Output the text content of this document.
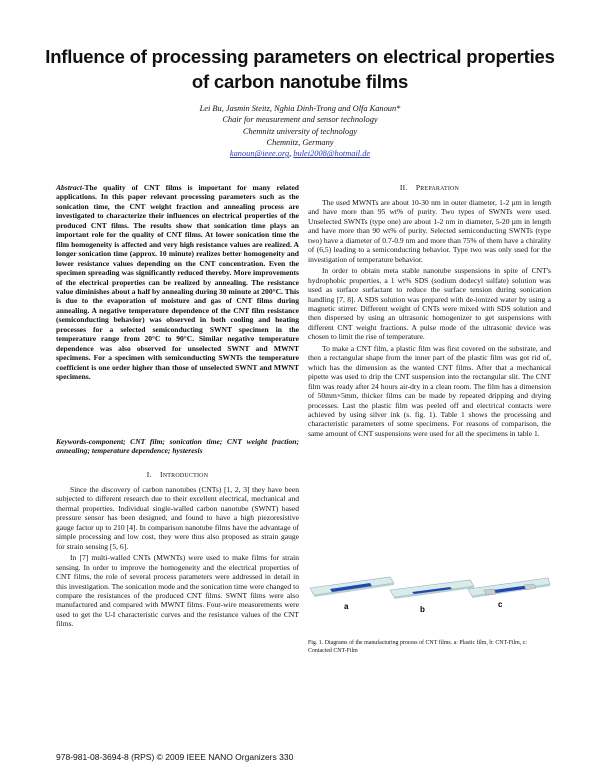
Influence of processing parameters on electrical properties of carbon nanotube films
Lei Bu, Jasmin Steitz, Nghia Dinh-Trong and Olfa Kanoun*
Chair for measurement and sensor technology
Chemnitz university of technology
Chemnitz, Germany
kanoun@ieee.org, bulei2008@hotmail.de
Abstract-The quality of CNT films is important for many related applications. In this paper relevant processing parameters such as the sonication time, the CNT weight fraction and annealing process are investigated to characterize their influences on electrical properties of the produced CNT films. The results show that sonication time plays an important role for the quality of CNT films. At lower sonication time the film homogeneity is affected and very high resistance values are realized. A longer sonication time (approx. 10 minute) realizes better homogeneity and lower resistance values depending on the CNT concentration. Even the specimen spreading was significantly reduced thereby. More improvements of the electrical properties can be realized by annealing. The resistance value diminishes about a half by annealing during 30 minute at 200°C. This is due to the evaporation of moisture and gas of CNT films during annealing. A negative temperature dependence of the CNT film resistance (semiconducting behavior) was observed in both cooling and heating processes for a selected semiconducting SWNT specimen in the temperature range from 20°C to 90°C. Similar negative temperature dependence was also observed for unselected SWNT and MWNT specimens. For a specimen with semiconducting SWNTs the temperature coefficient is one order higher than those of unselected SWNT and MWNT specimens.
Keywords-component; CNT film; sonication time; CNT weight fraction; annealing; temperature dependence; hysteresis
I. INTRODUCTION

Since the discovery of carbon nanotubes (CNTs) [1, 2, 3] they have been subjected to different research due to their excellent electrical, mechanical and thermal properties. Individual single-walled carbon nanotube (SWNT) based pressure sensor has been designed, and found to have a high piezoresistive gauge factor up to 210 [4]. In comparison nanotube films have the advantage of simple processing and low cost, they were thus also proposed as strain gauge for strain sensing [5, 6].

In [7] multi-walled CNTs (MWNTs) were used to make films for strain sensing. In order to improve the homogeneity and the electrical properties of CNT films, the role of several process parameters were addressed in detail in this investigation. The sonication mode and the sonication time were changed to compare the resistances of the produced CNT films. SWNT films were also manufactured and compared with MWNT films. Four-wire measurements were used to get the U-I characteristic curves and the resistance values of the CNT films.

II. PREPARATION

The used MWNTs are about 10-30 nm in outer diameter, 1-2 µm in length and have more than 95 wt% of purity. Two types of SWNTs were used. Unselected SWNTs (type one) are about 1-2 nm in diameter, 5-20 µm in length and have more than 90 wt% of purity. Selected semiconducting SWNTs (type two) have a diameter of 0.7-0.9 nm and more than 75% of them have a chirality of (6,5) leading to a semiconducting behavior. Type two was only used for the investigation of temperature behavior.

In order to obtain meta stable nanotube suspensions in spite of CNT's hydrophobic properties, a 1 wt% SDS (sodium dodecyl sulfate) solution was used as surface surfactant to reduce the surface tension during sonication handling [7, 8]. A SDS solution was prepared with de-ionized water by using a magnetic stirrer. Different weight of CNTs were mixed with SDS solution and then dispersed by using an ultrasonic homogenizer to get suspensions with different CNT weight fractions. A pulse mode of the ultrasonic device was chosen to limit the rise of temperature.

To make a CNT film, a plastic film was first covered on the substrate, and then a rectangular shape from the inner part of the plastic film was got rid of, which has the dimension as the wanted CNT films. After that a mechanical pipette was used to drip the CNT suspension into the rectangular slit. The CNT film was ready after 24 hours air-dry in a clean room. The film has a dimension of 50mm×5mm, thicker films can be made by repeated dripping and drying processes. Last the plastic film was peeled off and electrical contacts were achieved by using silver ink (s. fig. 1). Table 1 shows the processing and characteristic parameters of some specimens. For reasons of comparison, the same amount of CNT suspensions were used for all the specimens in table 1.

a	b
c
Fig. 1. Diagrams of the manufacturing process of CNT films. a: Plastic film, b: CNT-Film, c: Contacted CNT-Film
978-981-08-3694-8 (RPS) © 2009 IEEE NANO Organizers 330
